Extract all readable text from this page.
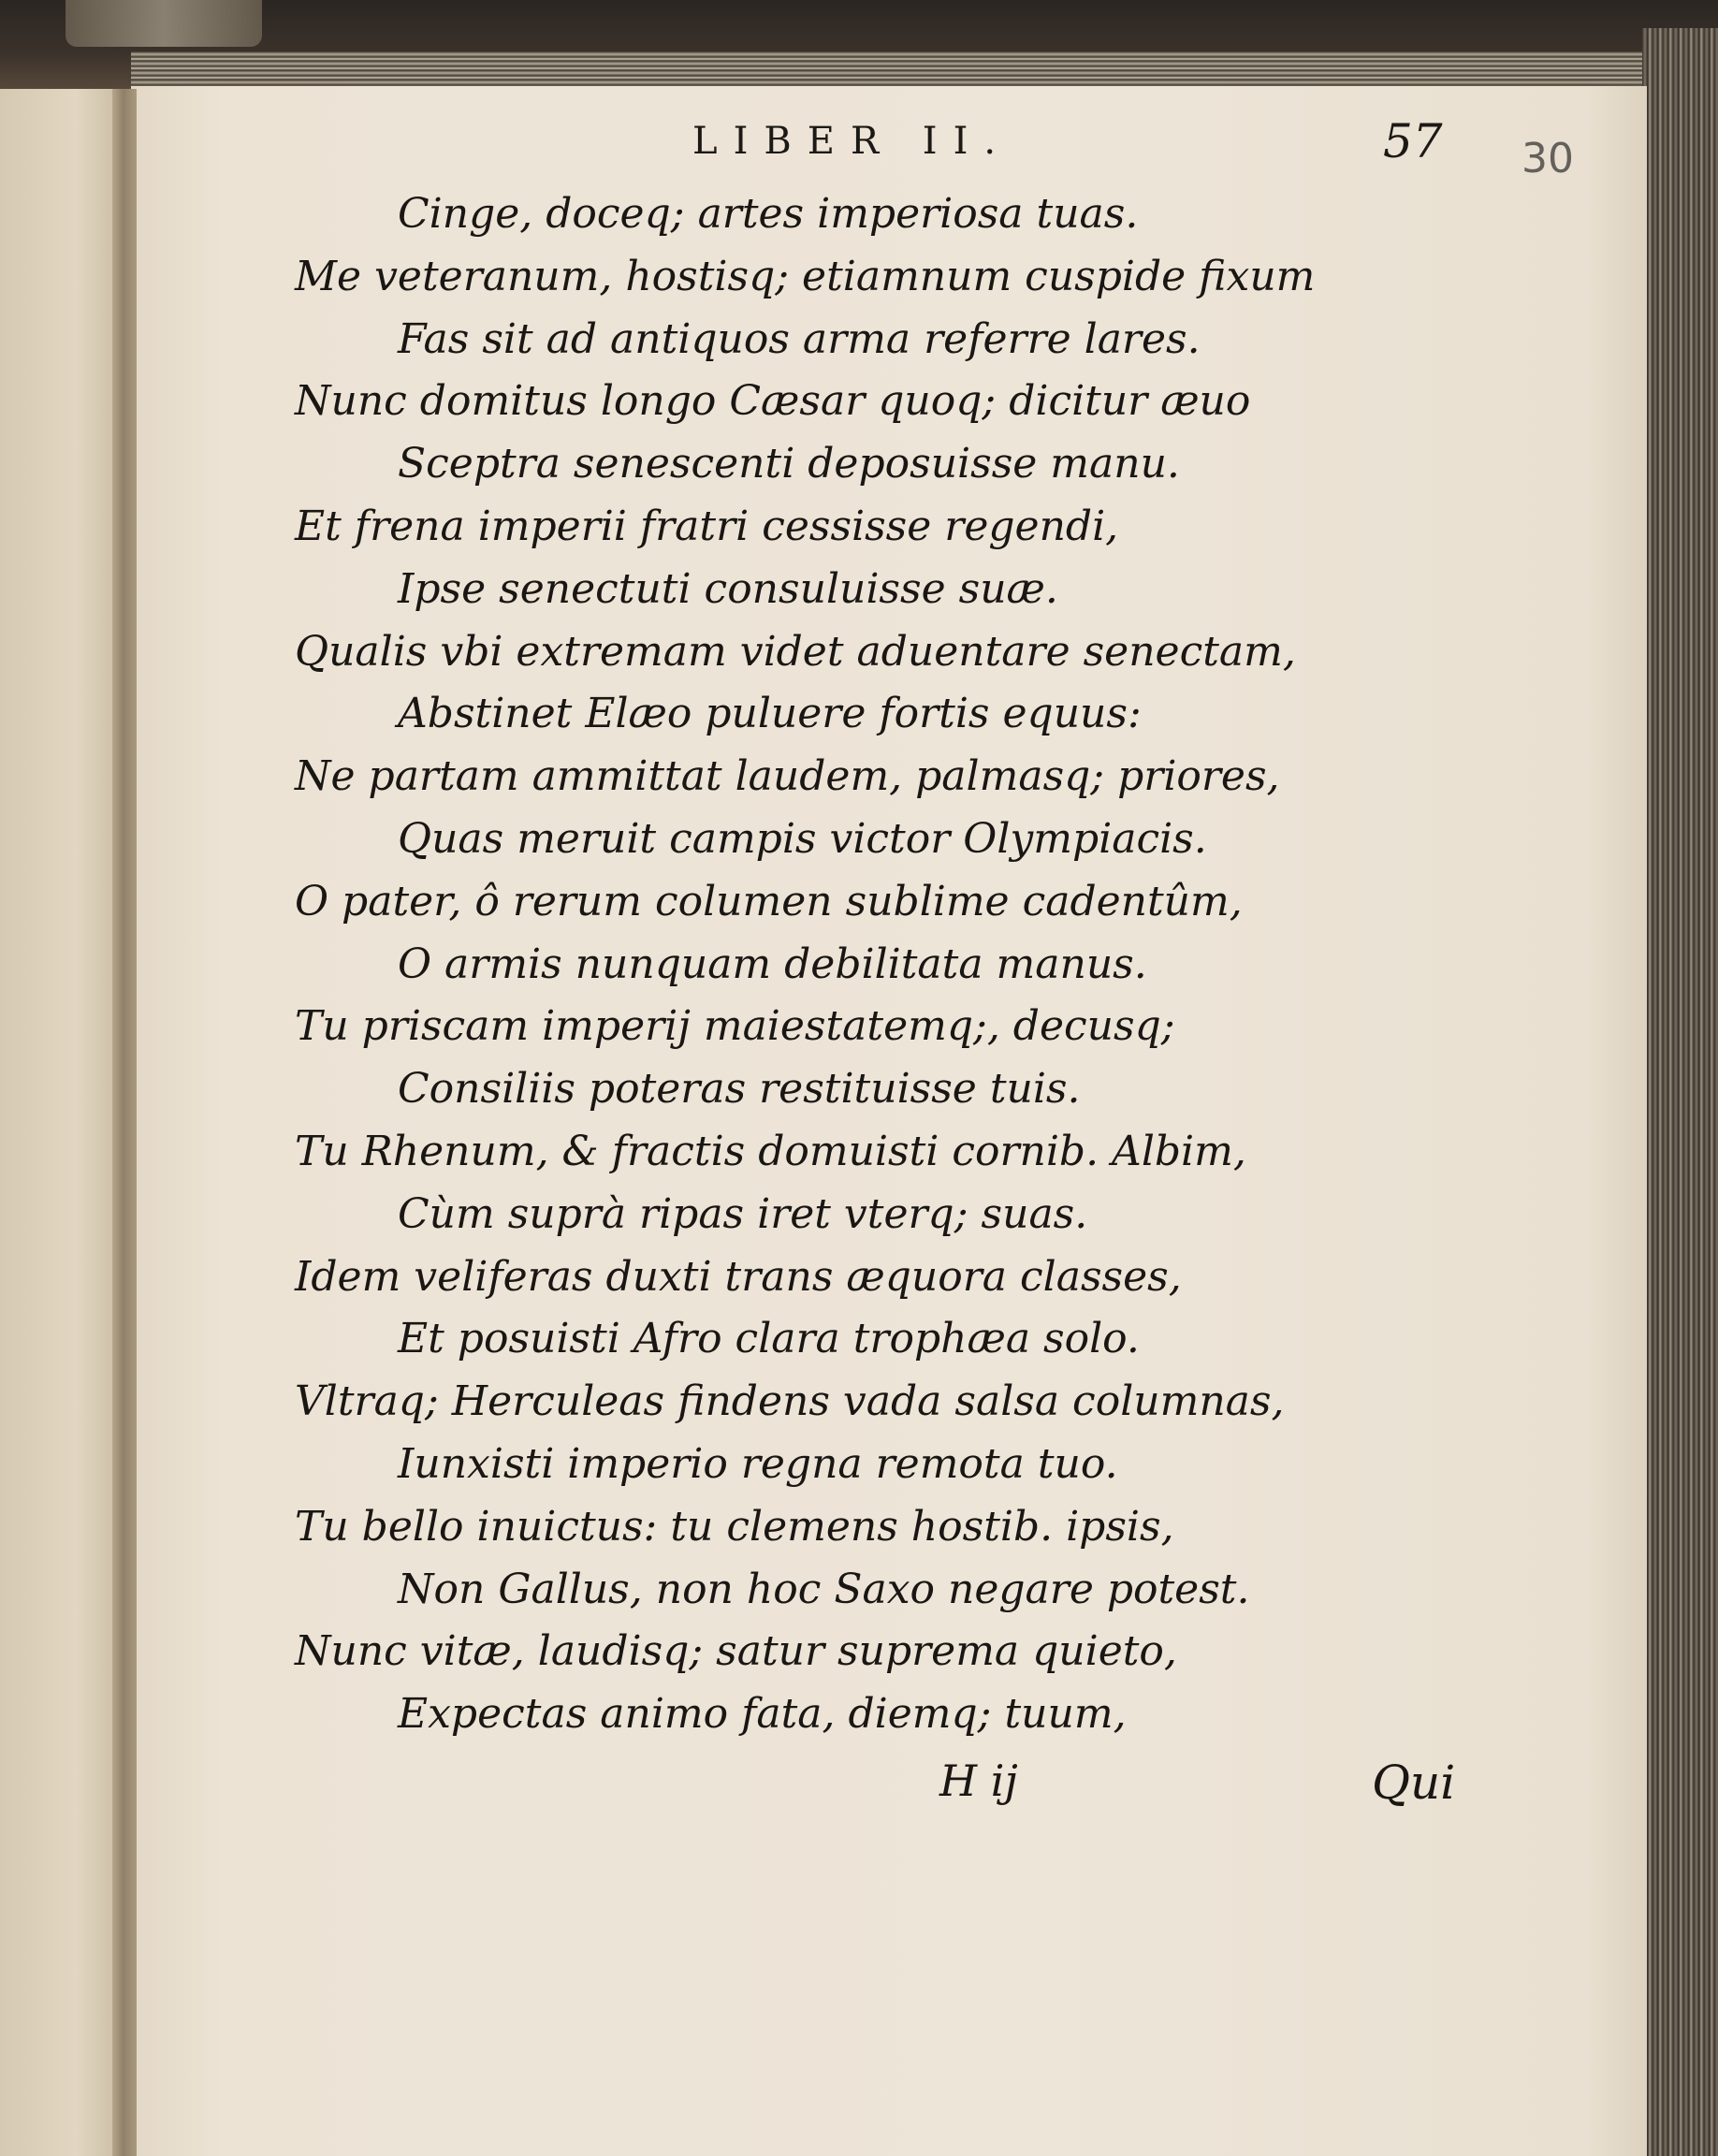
LIBER II.	57 30
Cinge, doceq; artes imperiosa tuas.
Me veteranum, hostisq; etiamnum cuspide fixum
Fas sit ad antiquos arma referre lares.
Nunc domitus longo Cæsar quoq; dicitur æuo
Sceptra senescenti deposuisse manu.
Et frena imperii fratri cessisse regendi,
Ipse senectuti consuluisse suæ.
Qualis vbi extremam videt aduentare senectam,
Abstinet Elæo puluere fortis equus:
Ne partam ammittat laudem, palmasq; priores,
Quas meruit campis victor Olympiacis.
O pater, ô rerum columen sublime cadentûm,
O armis nunquam debilitata manus.
Tu priscam imperij maiestatemq;, decusq;
Consiliis poteras restituisse tuis.
Tu Rhenum, & fractis domuisti cornib. Albim,
Cùm suprà ripas iret vterq; suas.
Idem veliferas duxti trans æquora classes,
Et posuisti Afro clara trophæa solo.
Vltraq; Herculeas findens vada salsa columnas,
Iunxisti imperio regna remota tuo.
Tu bello inuictus: tu clemens hostib. ipsis,
Non Gallus, non hoc Saxo negare potest.
Nunc vitæ, laudisq; satur suprema quieto,
Expectas animo fata, diemq; tuum,
H ij	Qui
